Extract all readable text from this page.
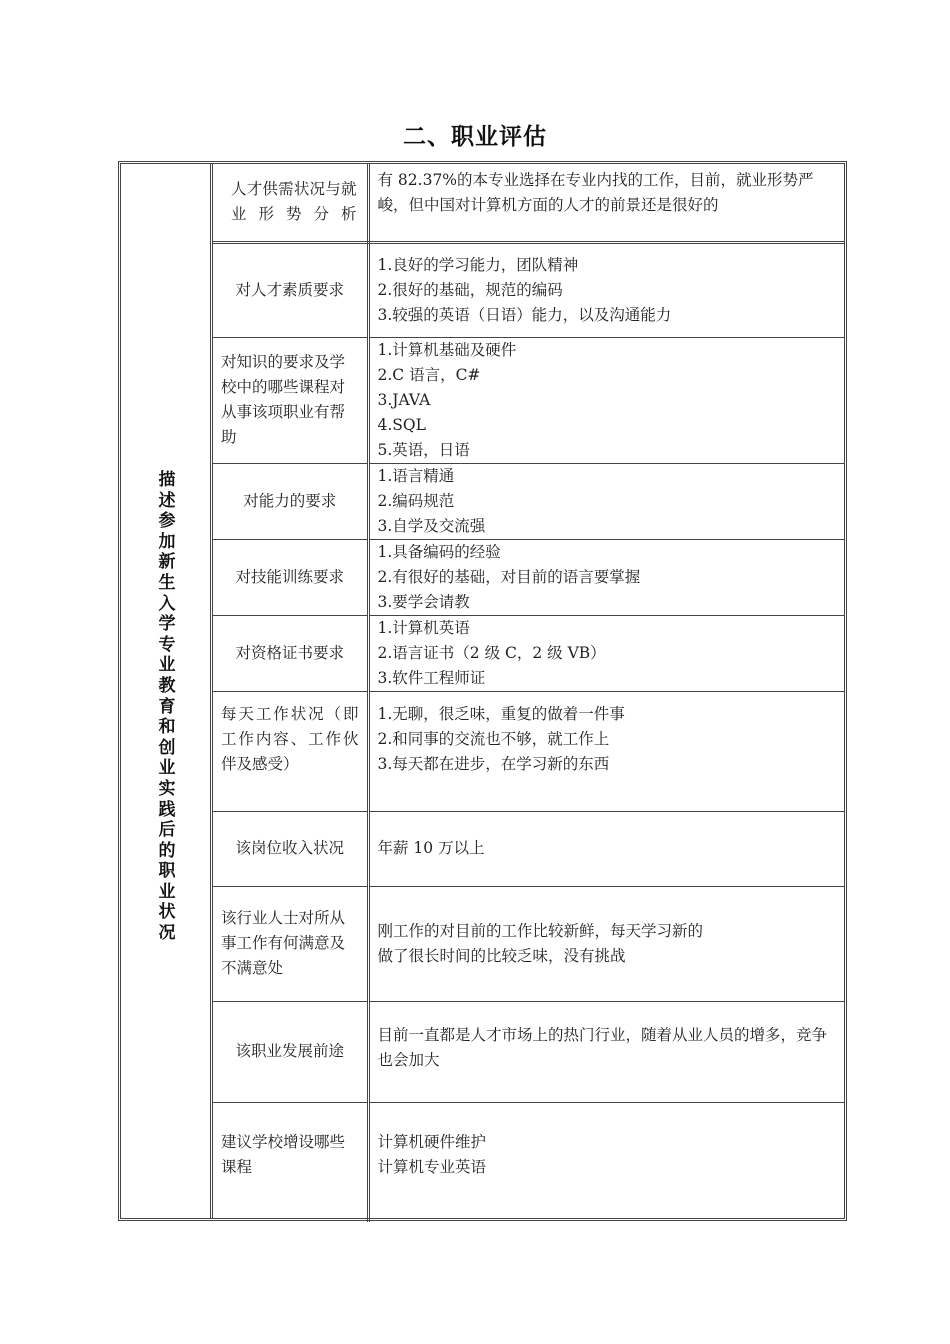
二、职业评估
描述参加新生入学专业教育和创业实践后的职业状况
人才供需状况与就业形势分析	有 82.37%的本专业选择在专业内找的工作，目前，就业形势严峻，但中国对计算机方面的人才的前景还是很好的

对人才素质要求	1.良好的学习能力，团队精神
2.很好的基础，规范的编码
3.较强的英语（日语）能力，以及沟通能力

对知识的要求及学校中的哪些课程对从事该项职业有帮助	1.计算机基础及硬件
2.C 语言，C#
3.JAVA
4.SQL
5.英语，日语

对能力的要求	1.语言精通
2.编码规范
3.自学及交流强

对技能训练要求	1.具备编码的经验
2.有很好的基础，对目前的语言要掌握
3.要学会请教

对资格证书要求	1.计算机英语
2.语言证书（2 级 C，2 级 VB）
3.软件工程师证

每天工作状况（即工作内容、工作伙伴及感受）	1.无聊，很乏味，重复的做着一件事
2.和同事的交流也不够，就工作上
3.每天都在进步，在学习新的东西

该岗位收入状况	年薪 10 万以上

该行业人士对所从事工作有何满意及不满意处	刚工作的对目前的工作比较新鲜，每天学习新的
做了很长时间的比较乏味，没有挑战

该职业发展前途	目前一直都是人才市场上的热门行业，随着从业人员的增多，竞争也会加大

建议学校增设哪些课程	计算机硬件维护
计算机专业英语
